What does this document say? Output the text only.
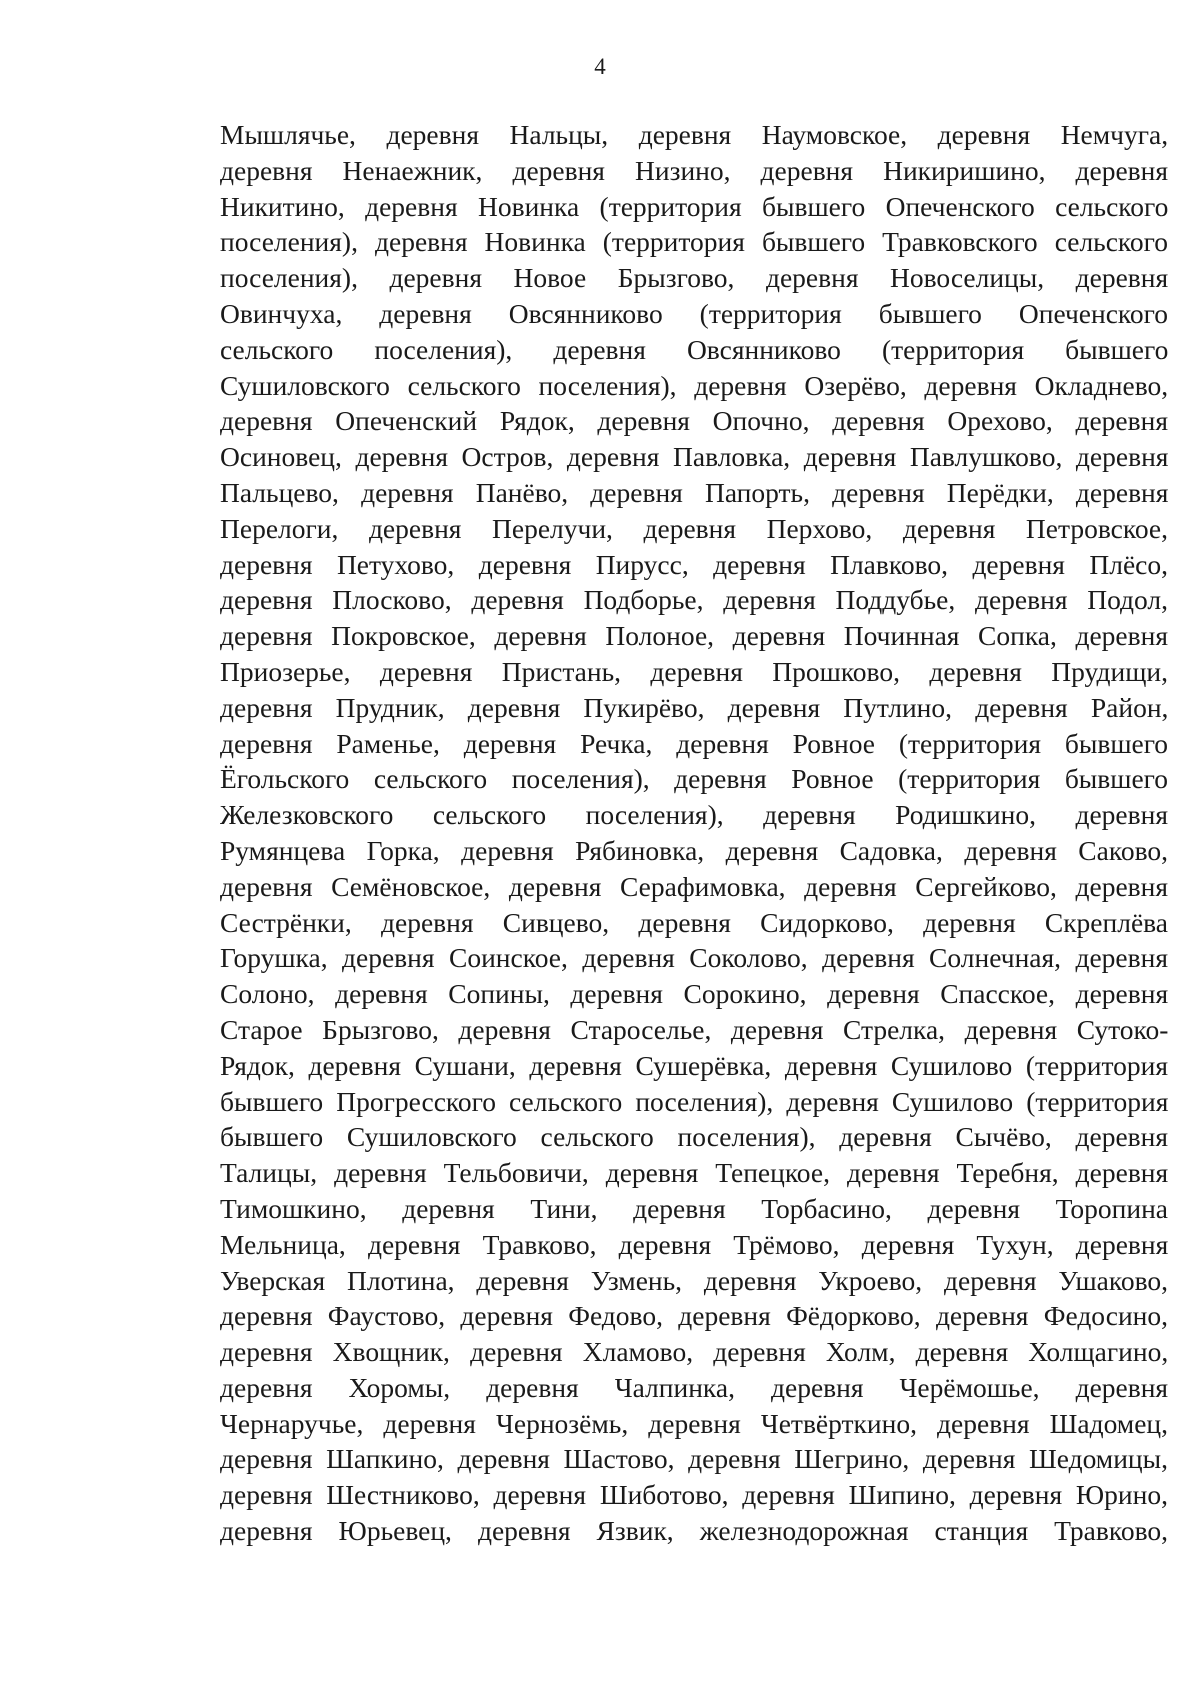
4
Мышлячье, деревня Нальцы, деревня Наумовское, деревня Немчуга,
деревня Ненаежник, деревня Низино, деревня Никиришино, деревня
Никитино, деревня Новинка (территория бывшего Опеченского сельского
поселения), деревня Новинка (территория бывшего Травковского сельского
поселения), деревня Новое Брызгово, деревня Новоселицы, деревня
Овинчуха, деревня Овсянниково (территория бывшего Опеченского
сельского поселения), деревня Овсянниково (территория бывшего
Сушиловского сельского поселения), деревня Озерёво, деревня Окладнево,
деревня Опеченский Рядок, деревня Опочно, деревня Орехово, деревня
Осиновец, деревня Остров, деревня Павловка, деревня Павлушково, деревня
Пальцево, деревня Панёво, деревня Папорть, деревня Перёдки, деревня
Перелоги, деревня Перелучи, деревня Перхово, деревня Петровское,
деревня Петухово, деревня Пирусс, деревня Плавково, деревня Плёсо,
деревня Плосково, деревня Подборье, деревня Поддубье, деревня Подол,
деревня Покровское, деревня Полоное, деревня Починная Сопка, деревня
Приозерье, деревня Пристань, деревня Прошково, деревня Прудищи,
деревня Прудник, деревня Пукирёво, деревня Путлино, деревня Район,
деревня Раменье, деревня Речка, деревня Ровное (территория бывшего
Ёгольского сельского поселения), деревня Ровное (территория бывшего
Железковского сельского поселения), деревня Родишкино, деревня
Румянцева Горка, деревня Рябиновка, деревня Садовка, деревня Саково,
деревня Семёновское, деревня Серафимовка, деревня Сергейково, деревня
Сестрёнки, деревня Сивцево, деревня Сидорково, деревня Скреплёва
Горушка, деревня Соинское, деревня Соколово, деревня Солнечная, деревня
Солоно, деревня Сопины, деревня Сорокино, деревня Спасское, деревня
Старое Брызгово, деревня Староселье, деревня Стрелка, деревня Сутоко-
Рядок, деревня Сушани, деревня Сушерёвка, деревня Сушилово (территория
бывшего Прогресского сельского поселения), деревня Сушилово (территория
бывшего Сушиловского сельского поселения), деревня Сычёво, деревня
Талицы, деревня Тельбовичи, деревня Тепецкое, деревня Теребня, деревня
Тимошкино, деревня Тини, деревня Торбасино, деревня Торопина
Мельница, деревня Травково, деревня Трёмово, деревня Тухун, деревня
Уверская Плотина, деревня Узмень, деревня Укроево, деревня Ушаково,
деревня Фаустово, деревня Федово, деревня Фёдорково, деревня Федосино,
деревня Хвощник, деревня Хламово, деревня Холм, деревня Холщагино,
деревня Хоромы, деревня Чалпинка, деревня Черёмошье, деревня
Чернаручье, деревня Чернозёмь, деревня Четвёрткино, деревня Шадомец,
деревня Шапкино, деревня Шастово, деревня Шегрино, деревня Шедомицы,
деревня Шестниково, деревня Шиботово, деревня Шипино, деревня Юрино,
деревня Юрьевец, деревня Язвик, железнодорожная станция Травково,
